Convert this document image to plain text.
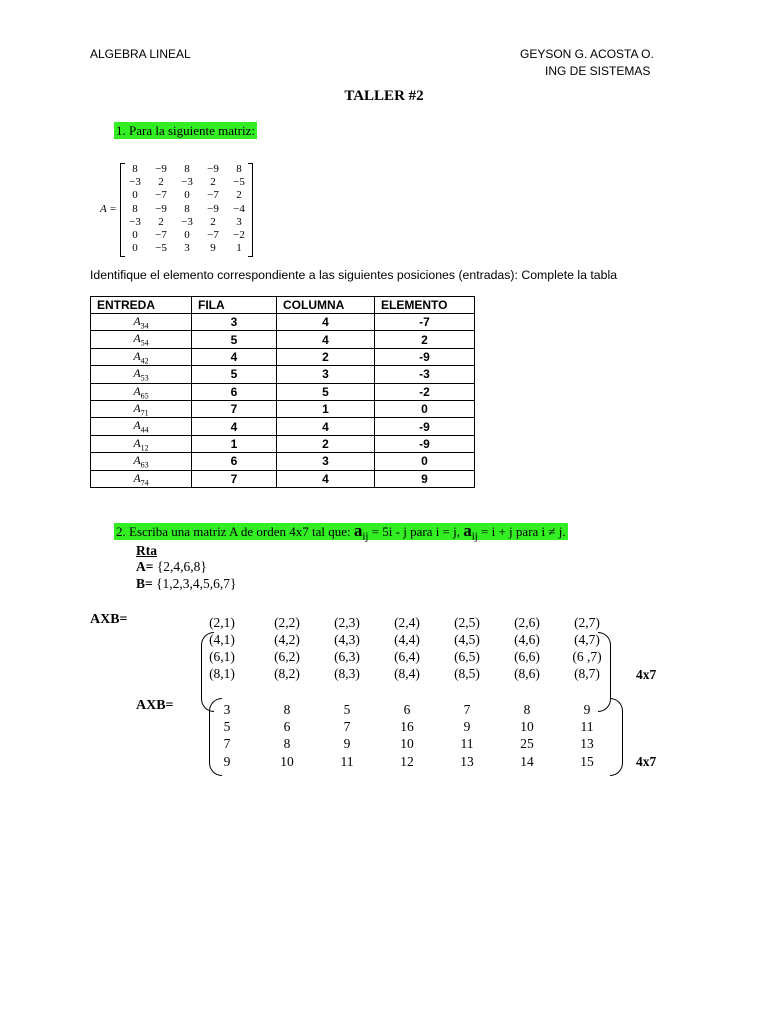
ALGEBRA LINEAL	GEYSON G. ACOSTA O.
ING DE SISTEMAS
TALLER #2
1. Para la siguiente matriz:
A =
8	−9	8	−9	8
−3	2	−3	2	−5
0	−7	0	−7	2
8	−9	8	−9	−4
−3	2	−3	2	3
0	−7	0	−7	−2
0	−5	3	9	1
Identifique el elemento correspondiente a las siguientes posiciones (entradas): Complete la tabla
ENTREDA	FILA	COLUMNA	ELEMENTO
$A_{34}$	3	4	-7
$A_{54}$	5	4	2
$A_{42}$	4	2	-9
$A_{53}$	5	3	-3
$A_{65}$	6	5	-2
$A_{71}$	7	1	0
$A_{44}$	4	4	-9
$A_{12}$	1	2	-9
$A_{63}$	6	3	0
$A_{74}$	7	4	9
2. Escriba una matriz A de orden 4x7 tal que: $a_{ij} = 5i - j$ para i = j, $a_{ij} = i + j$ para i ≠ j.
Rta
A= {2,4,6,8}
B= {1,2,3,4,5,6,7}
AXB=	(2,1)	(2,2)	(2,3)	(2,4)	(2,5)	(2,6)	(2,7)
(4,1)	(4,2)	(4,3)	(4,4)	(4,5)	(4,6)	(4,7)
(6,1)	(6,2)	(6,3)	(6,4)	(6,5)	(6,6)	(6 ,7)
(8,1)	(8,2)	(8,3)	(8,4)	(8,5)	(8,6)	(8,7)	4x7
AXB=	3	8	5	6	7	8	9
5	6	7	16	9	10	11
7	8	9	10	11	25	13
9	10	11	12	13	14	15	4x7
